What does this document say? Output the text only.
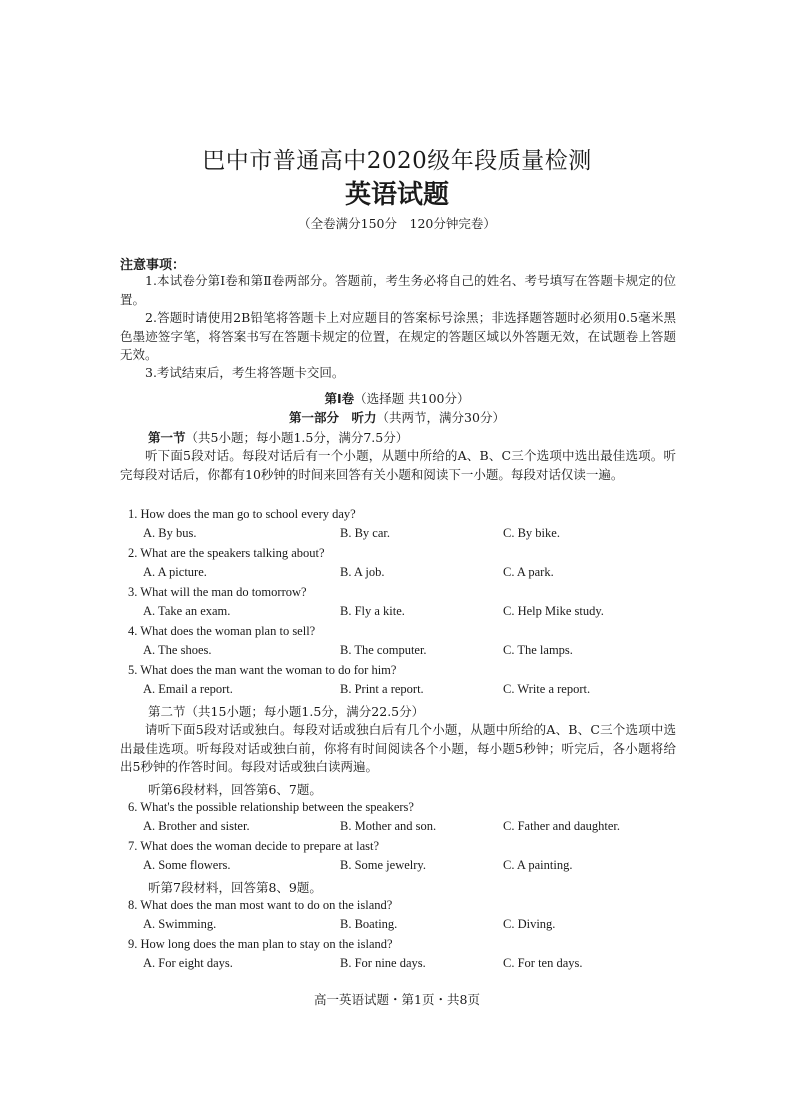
巴中市普通高中2020级年段质量检测
英语试题
（全卷满分150分　120分钟完卷）
注意事项：
1.本试卷分第Ⅰ卷和第Ⅱ卷两部分。答题前，考生务必将自己的姓名、考号填写在答题卡规定的位置。
2.答题时请使用2B铅笔将答题卡上对应题目的答案标号涂黑；非选择题答题时必须用0.5毫米黑色墨迹签字笔，将答案书写在答题卡规定的位置，在规定的答题区域以外答题无效，在试题卷上答题无效。
3.考试结束后，考生将答题卡交回。
第Ⅰ卷（选择题 共100分）
第一部分　听力（共两节，满分30分）
第一节（共5小题；每小题1.5分，满分7.5分）
听下面5段对话。每段对话后有一个小题，从题中所给的A、B、C三个选项中选出最佳选项。听完每段对话后，你都有10秒钟的时间来回答有关小题和阅读下一小题。每段对话仅读一遍。
1. How does the man go to school every day?
A. By bus.	B. By car.	C. By bike.
2. What are the speakers talking about?
A. A picture.	B. A job.	C. A park.
3. What will the man do tomorrow?
A. Take an exam.	B. Fly a kite.	C. Help Mike study.
4. What does the woman plan to sell?
A. The shoes.	B. The computer.	C. The lamps.
5. What does the man want the woman to do for him?
A. Email a report.	B. Print a report.	C. Write a report.
第二节（共15小题；每小题1.5分，满分22.5分）
请听下面5段对话或独白。每段对话或独白后有几个小题，从题中所给的A、B、C三个选项中选出最佳选项。听每段对话或独白前，你将有时间阅读各个小题，每小题5秒钟；听完后，各小题将给出5秒钟的作答时间。每段对话或独白读两遍。
听第6段材料，回答第6、7题。
6. What's the possible relationship between the speakers?
A. Brother and sister.	B. Mother and son.	C. Father and daughter.
7. What does the woman decide to prepare at last?
A. Some flowers.	B. Some jewelry.	C. A painting.
听第7段材料，回答第8、9题。
8. What does the man most want to do on the island?
A. Swimming.	B. Boating.	C. Diving.
9. How long does the man plan to stay on the island?
A. For eight days.	B. For nine days.	C. For ten days.
高一英语试题・第1页・共8页
